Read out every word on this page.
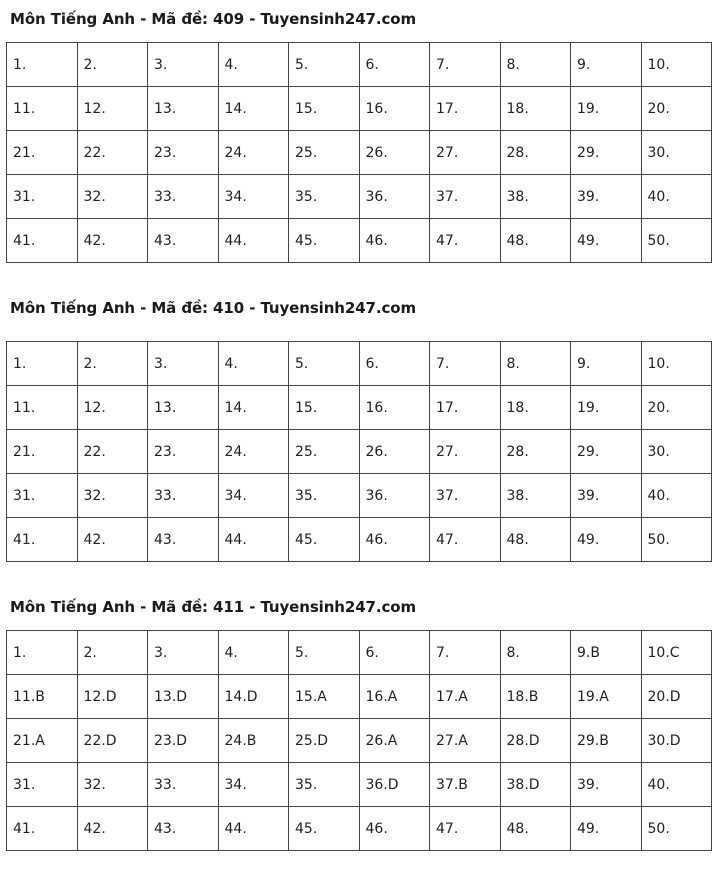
Môn Tiếng Anh - Mã đề: 409 - Tuyensinh247.com
1.	2.	3.	4.	5.	6.	7.	8.	9.	10.
11.	12.	13.	14.	15.	16.	17.	18.	19.	20.
21.	22.	23.	24.	25.	26.	27.	28.	29.	30.
31.	32.	33.	34.	35.	36.	37.	38.	39.	40.
41.	42.	43.	44.	45.	46.	47.	48.	49.	50.
Môn Tiếng Anh - Mã đề: 410 - Tuyensinh247.com
1.	2.	3.	4.	5.	6.	7.	8.	9.	10.
11.	12.	13.	14.	15.	16.	17.	18.	19.	20.
21.	22.	23.	24.	25.	26.	27.	28.	29.	30.
31.	32.	33.	34.	35.	36.	37.	38.	39.	40.
41.	42.	43.	44.	45.	46.	47.	48.	49.	50.
Môn Tiếng Anh - Mã đề: 411 - Tuyensinh247.com
1.	2.	3.	4.	5.	6.	7.	8.	9.B	10.C
11.B	12.D	13.D	14.D	15.A	16.A	17.A	18.B	19.A	20.D
21.A	22.D	23.D	24.B	25.D	26.A	27.A	28.D	29.B	30.D
31.	32.	33.	34.	35.	36.D	37.B	38.D	39.	40.
41.	42.	43.	44.	45.	46.	47.	48.	49.	50.
